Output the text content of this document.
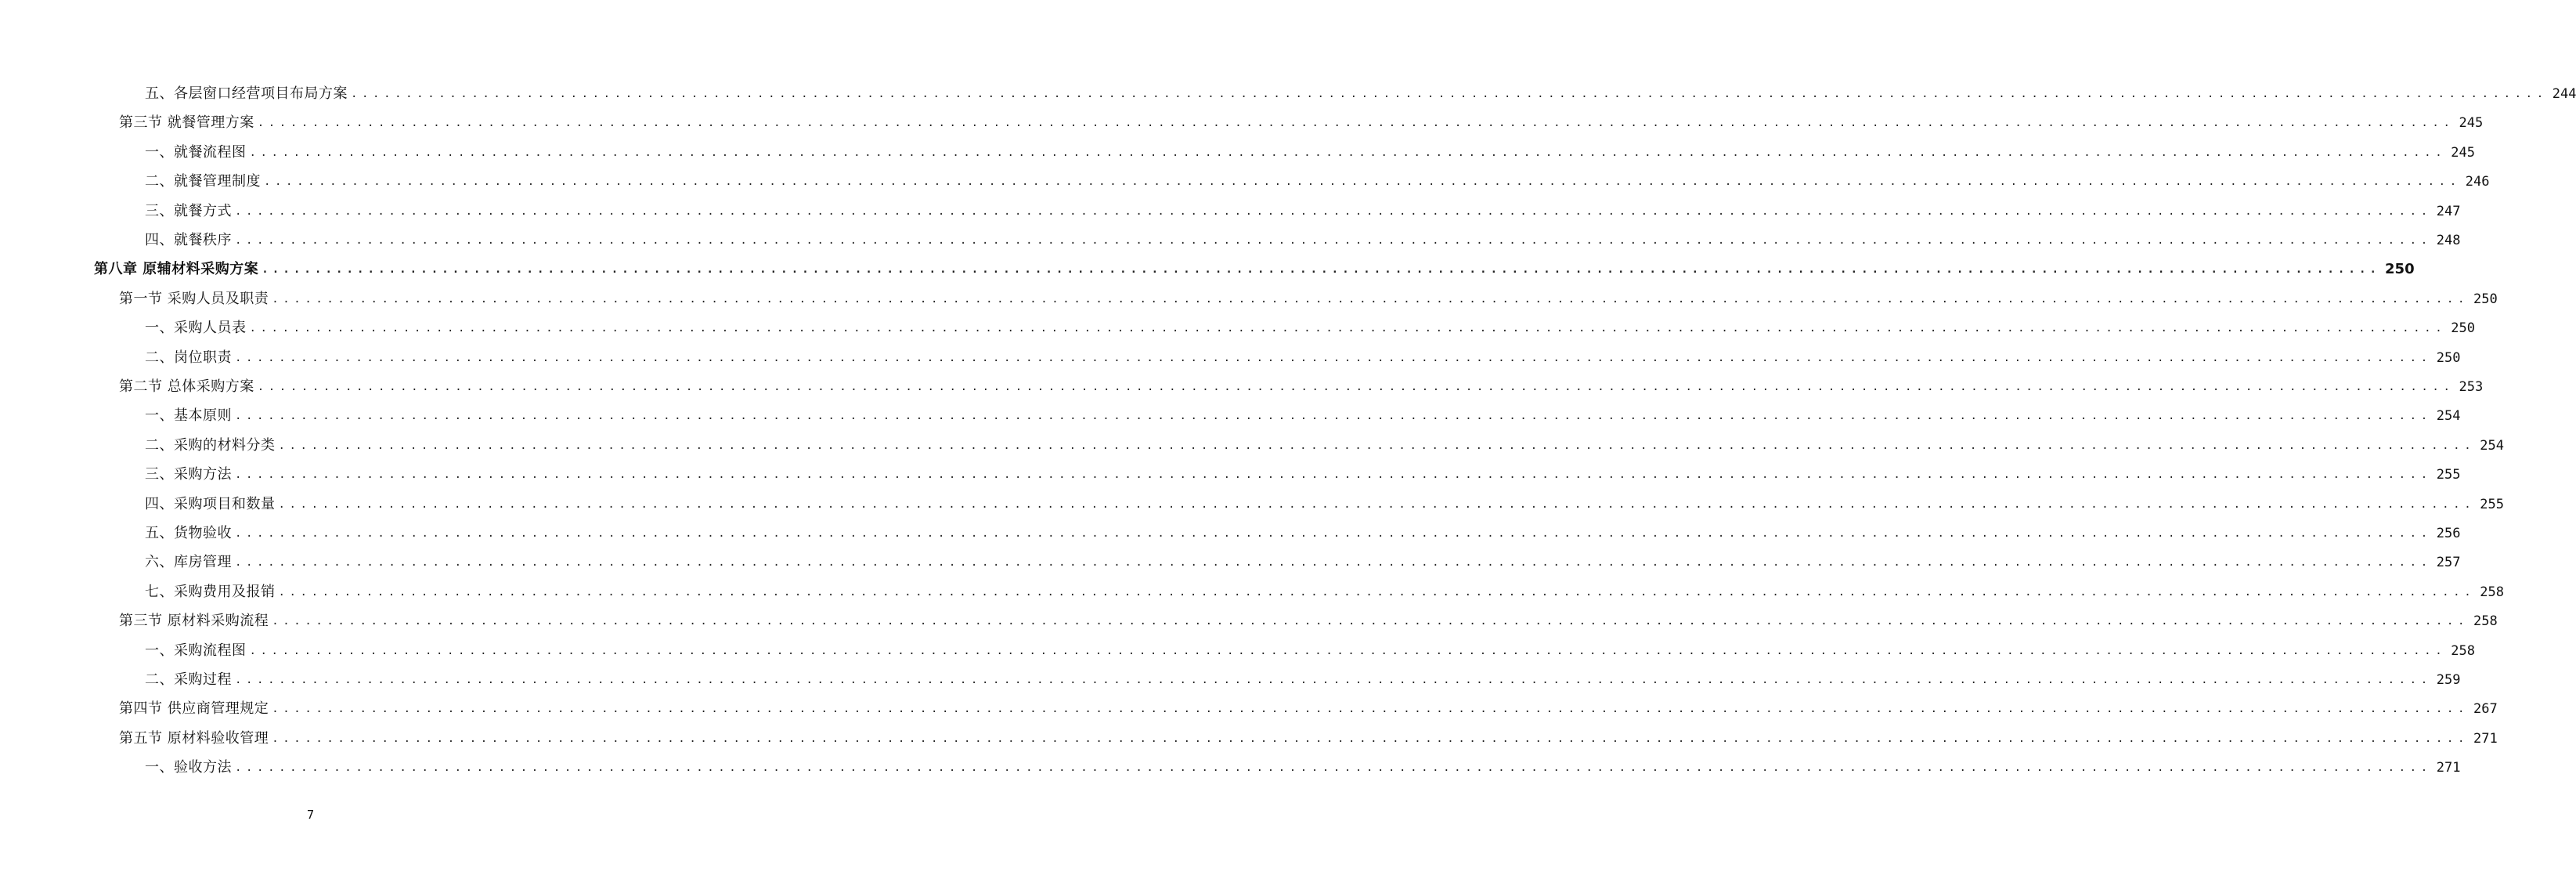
五、各层窗口经营项目布局方案 ........................................................................................................................................................................................................ 244
第三节 就餐管理方案 ........................................................................................................................................................................................................ 245
一、就餐流程图 ........................................................................................................................................................................................................ 245
二、就餐管理制度 ........................................................................................................................................................................................................ 246
三、就餐方式 ........................................................................................................................................................................................................ 247
四、就餐秩序 ........................................................................................................................................................................................................ 248
第八章 原辅材料采购方案 ........................................................................................................................................................................................................ 250
第一节 采购人员及职责 ........................................................................................................................................................................................................ 250
一、采购人员表 ........................................................................................................................................................................................................ 250
二、岗位职责 ........................................................................................................................................................................................................ 250
第二节 总体采购方案 ........................................................................................................................................................................................................ 253
一、基本原则 ........................................................................................................................................................................................................ 254
二、采购的材料分类 ........................................................................................................................................................................................................ 254
三、采购方法 ........................................................................................................................................................................................................ 255
四、采购项目和数量 ........................................................................................................................................................................................................ 255
五、货物验收 ........................................................................................................................................................................................................ 256
六、库房管理 ........................................................................................................................................................................................................ 257
七、采购费用及报销 ........................................................................................................................................................................................................ 258
第三节 原材料采购流程 ........................................................................................................................................................................................................ 258
一、采购流程图 ........................................................................................................................................................................................................ 258
二、采购过程 ........................................................................................................................................................................................................ 259
第四节 供应商管理规定 ........................................................................................................................................................................................................ 267
第五节 原材料验收管理 ........................................................................................................................................................................................................ 271
一、验收方法 ........................................................................................................................................................................................................ 271
7
